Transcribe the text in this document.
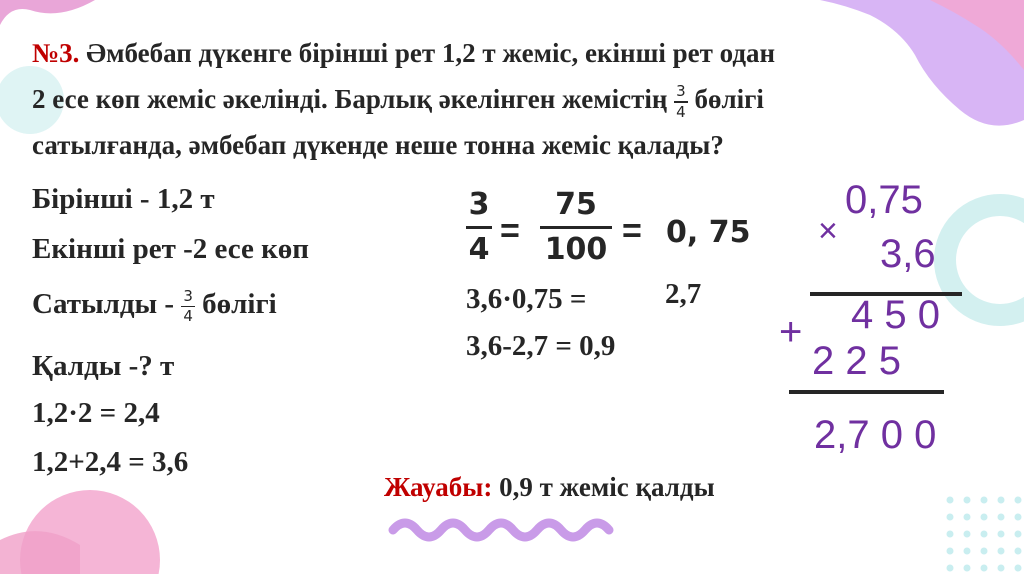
№3. Әмбебап дүкенге бірінші рет 1,2 т жеміс, екінші рет одан
2 есе көп жеміс әкелінді. Барлық әкелінген жемістің $\frac{3}{4}$ бөлігі
сатылғанда, әмбебап дүкенде неше тонна жеміс қалады?
Бірінші - 1,2 т
Екінші рет -2 есе көп
Сатылды - $\frac{3}{4}$ бөлігі
Қалды -? т
1,2·2 = 2,4
1,2+2,4 = 3,6
3
4 =
75
100 = 0, 75
3,6·0,75 =	2,7
3,6-2,7 = 0,9
0,75
×
3,6
4 5 0
+
2 2 5
2,7 0 0
Жауабы: 0,9 т жеміс қалды
